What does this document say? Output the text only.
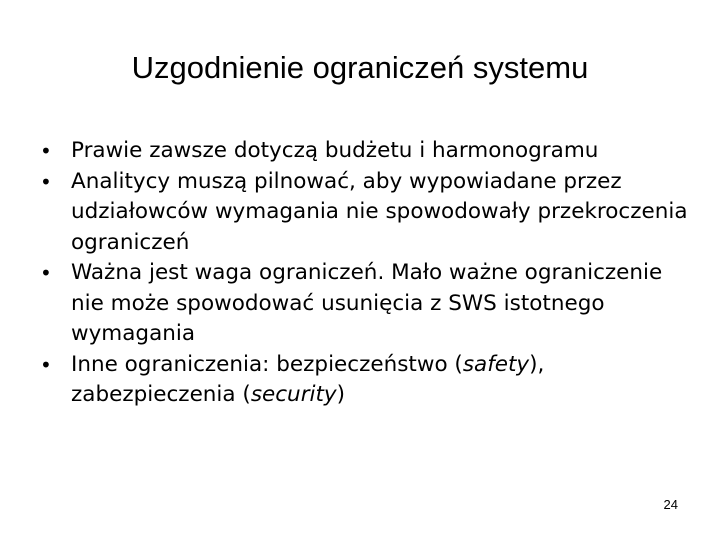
Uzgodnienie ograniczeń systemu
• Prawie zawsze dotyczą budżetu i harmonogramu
• Analitycy muszą pilnować, aby wypowiadane przez udziałowców wymagania nie spowodowały przekroczenia ograniczeń
• Ważna jest waga ograniczeń. Mało ważne ograniczenie nie może spowodować usunięcia z SWS istotnego wymagania
• Inne ograniczenia: bezpieczeństwo (safety), zabezpieczenia (security)
24
